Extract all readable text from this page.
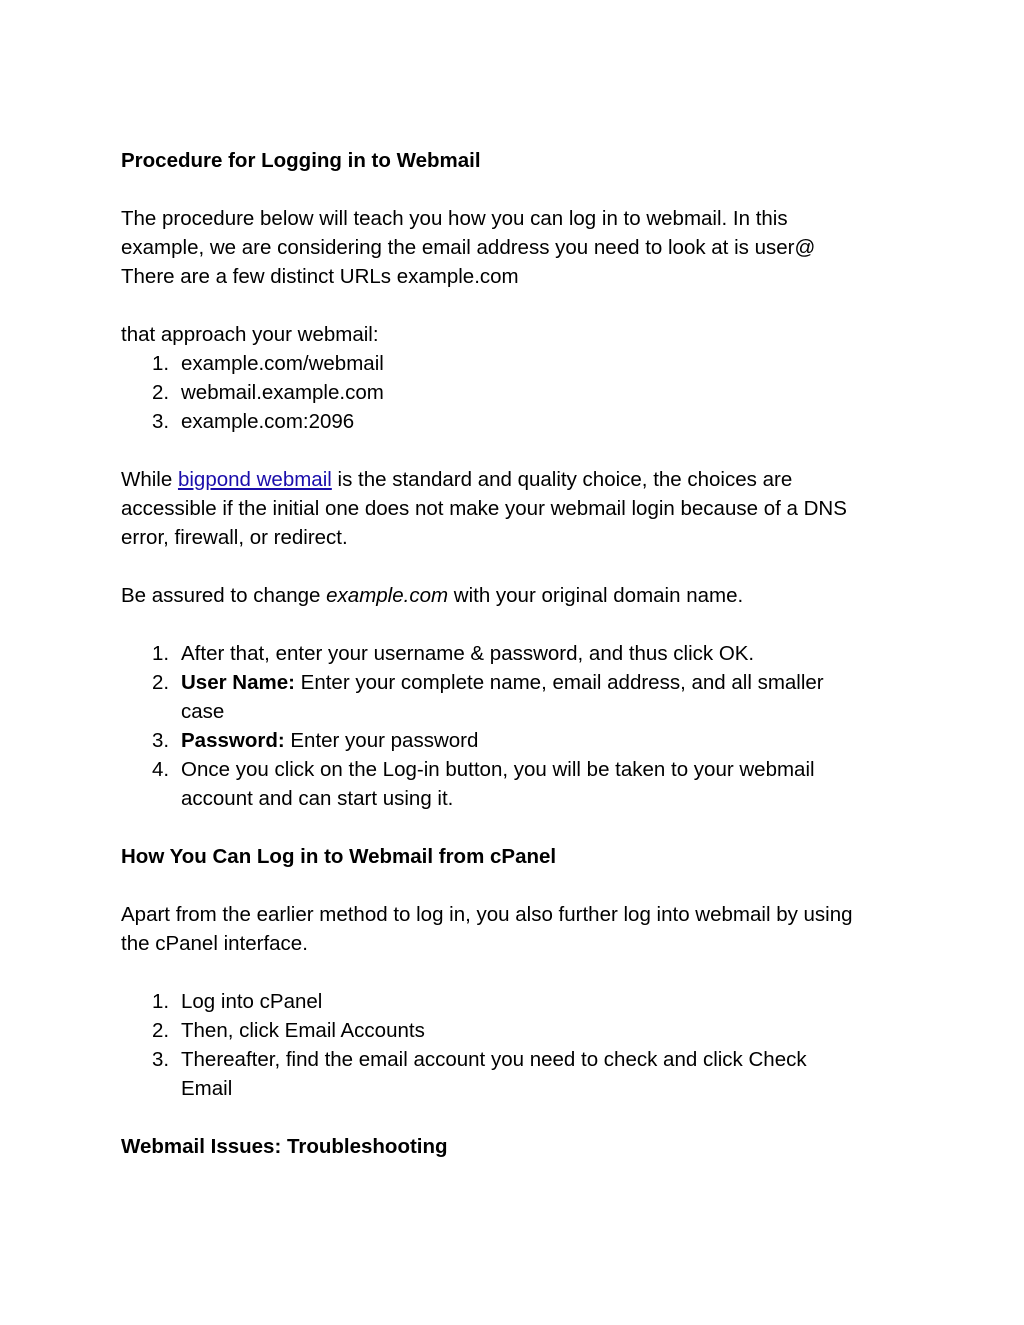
Procedure for Logging in to Webmail

The procedure below will teach you how you can log in to webmail. In this

example, we are considering the email address you need to look at is user@

There are a few distinct URLs example.com

that approach your webmail:

1. example.com/webmail
2. webmail.example.com
3. example.com:2096

While bigpond webmail is the standard and quality choice, the choices are

accessible if the initial one does not make your webmail login because of a DNS

error, firewall, or redirect.

Be assured to change example.com with your original domain name.

1. After that, enter your username & password, and thus click OK.
2. User Name: Enter your complete name, email address, and all smaller
case
3. Password: Enter your password
4. Once you click on the Log-in button, you will be taken to your webmail
account and can start using it.

How You Can Log in to Webmail from cPanel

Apart from the earlier method to log in, you also further log into webmail by using

the cPanel interface.

1. Log into cPanel
2. Then, click Email Accounts
3. Thereafter, find the email account you need to check and click Check
Email

Webmail Issues: Troubleshooting
